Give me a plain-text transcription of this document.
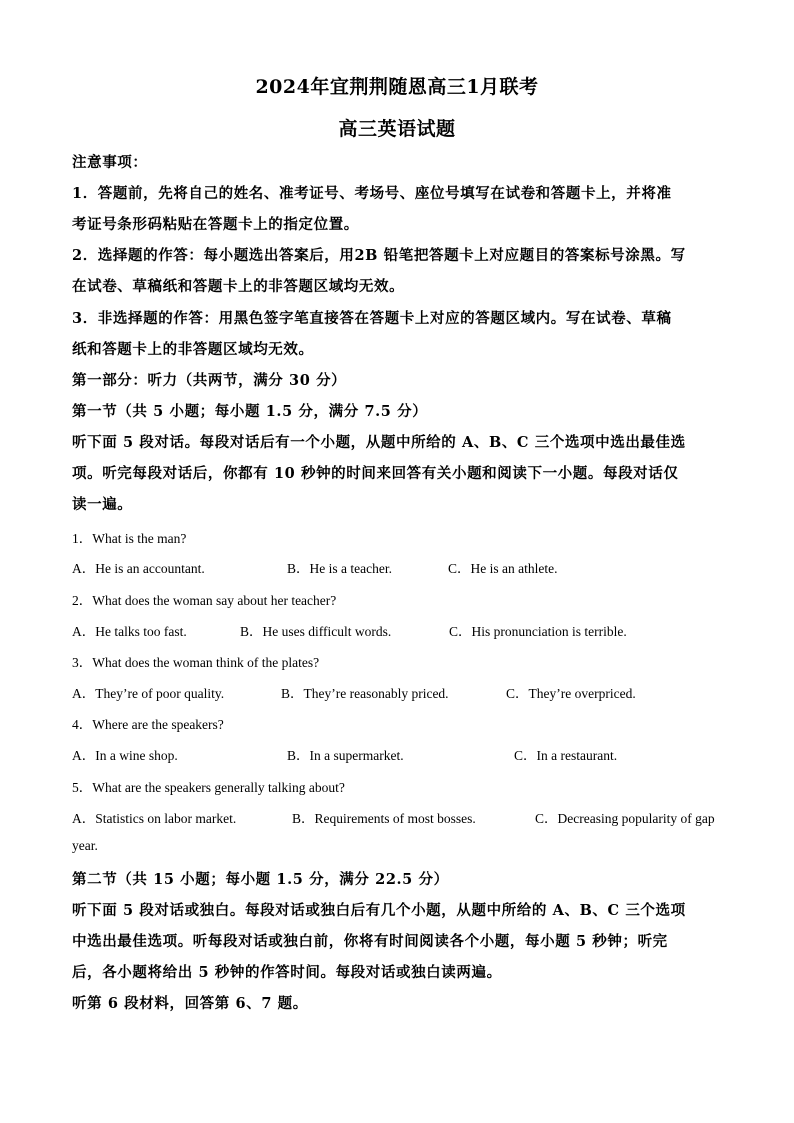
2024年宜荆荆随恩高三1月联考
高三英语试题
注意事项：
1．答题前，先将自己的姓名、准考证号、考场号、座位号填写在试卷和答题卡上，并将准
考证号条形码粘贴在答题卡上的指定位置。
2．选择题的作答：每小题选出答案后，用2B 铅笔把答题卡上对应题目的答案标号涂黑。写
在试卷、草稿纸和答题卡上的非答题区域均无效。
3．非选择题的作答：用黑色签字笔直接答在答题卡上对应的答题区域内。写在试卷、草稿
纸和答题卡上的非答题区域均无效。
第一部分：听力（共两节，满分 30 分）
第一节（共 5 小题；每小题 1.5 分，满分 7.5 分）
听下面 5 段对话。每段对话后有一个小题，从题中所给的 A、B、C 三个选项中选出最佳选
项。听完每段对话后，你都有 10 秒钟的时间来回答有关小题和阅读下一小题。每段对话仅
读一遍。
1．What is the man?
A．He is an accountant.	B．He is a teacher.	C．He is an athlete.
2．What does the woman say about her teacher?
A．He talks too fast.	B．He uses difficult words.	C．His pronunciation is terrible.
3．What does the woman think of the plates?
A．They’re of poor quality.	B．They’re reasonably priced.	C．They’re overpriced.
4．Where are the speakers?
A．In a wine shop.	B．In a supermarket.	C．In a restaurant.
5．What are the speakers generally talking about?
A．Statistics on labor market.	B．Requirements of most bosses.	C．Decreasing popularity of gap
year.
第二节（共 15 小题；每小题 1.5 分，满分 22.5 分）
听下面 5 段对话或独白。每段对话或独白后有几个小题，从题中所给的 A、B、C 三个选项
中选出最佳选项。听每段对话或独白前，你将有时间阅读各个小题，每小题 5 秒钟；听完
后，各小题将给出 5 秒钟的作答时间。每段对话或独白读两遍。
听第 6 段材料，回答第 6、7 题。
